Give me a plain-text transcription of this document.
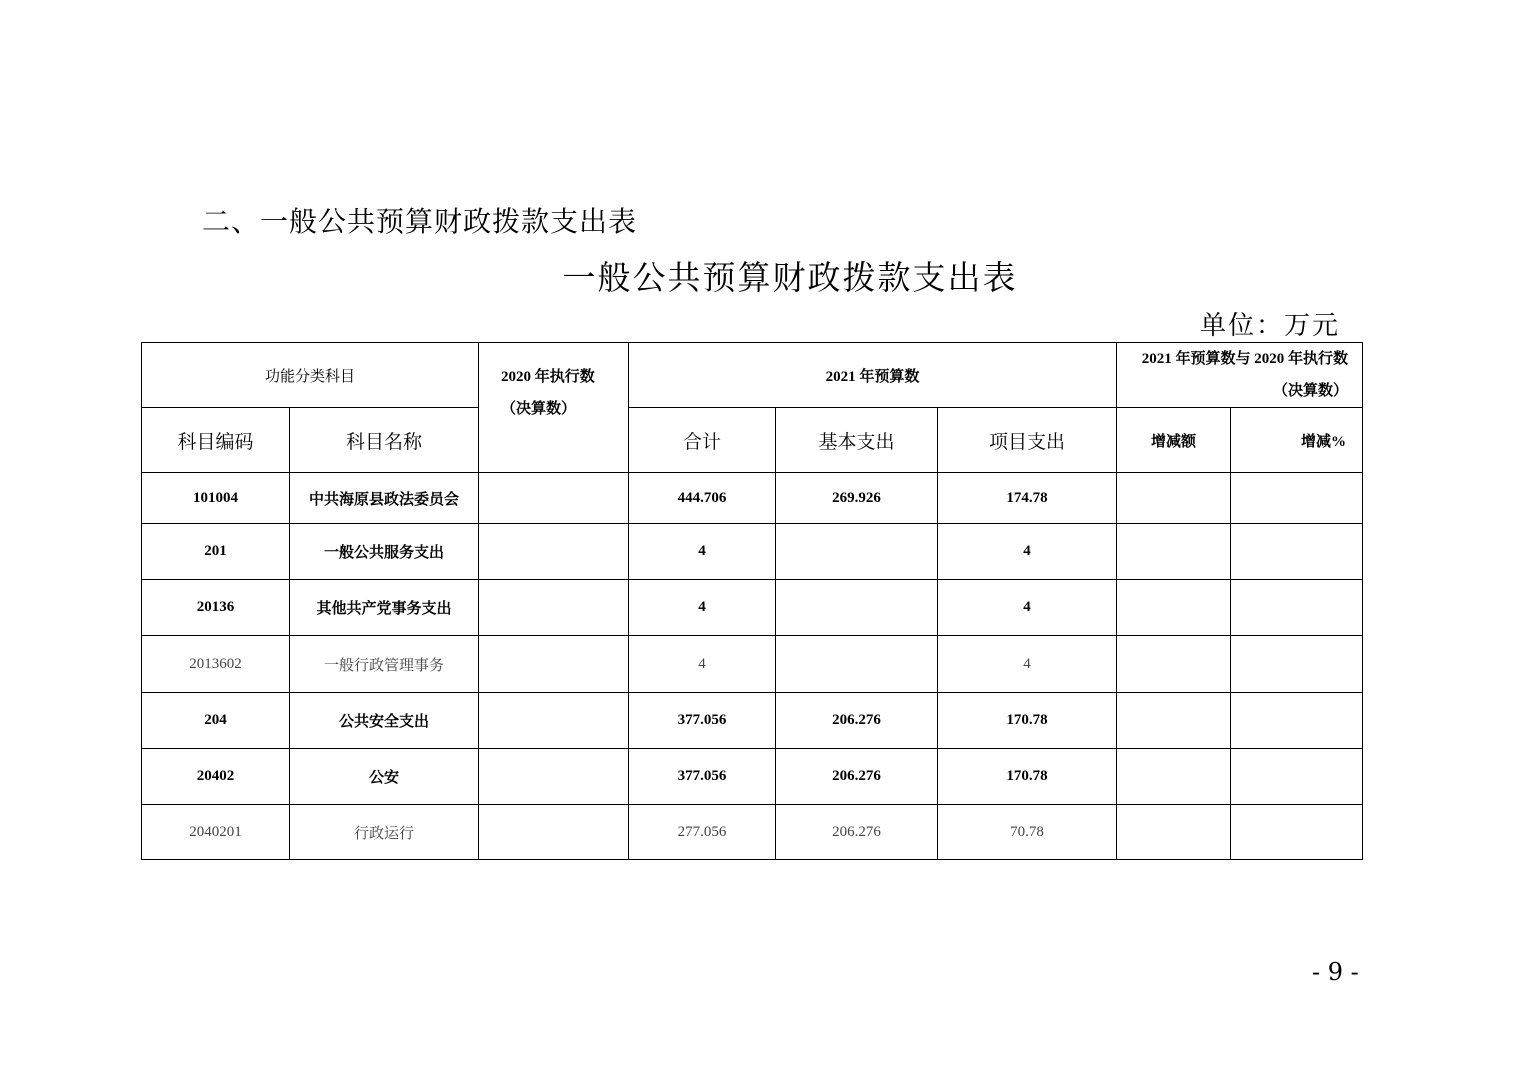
二、一般公共预算财政拨款支出表
一般公共预算财政拨款支出表
单位：万元
功能分类科目		2020 年执行数（决算数）	2021 年预算数			2021 年预算数与 2020 年执行数（决算数）	
科目编码	科目名称		合计	基本支出	项目支出	增减额	增减%
101004	中共海原县政法委员会		444.706	269.926	174.78		
201	一般公共服务支出		4		4		
20136	其他共产党事务支出		4		4		
2013602	一般行政管理事务		4		4		
204	公共安全支出		377.056	206.276	170.78		
20402	公安		377.056	206.276	170.78		
2040201	行政运行		277.056	206.276	70.78		
- 9 -
